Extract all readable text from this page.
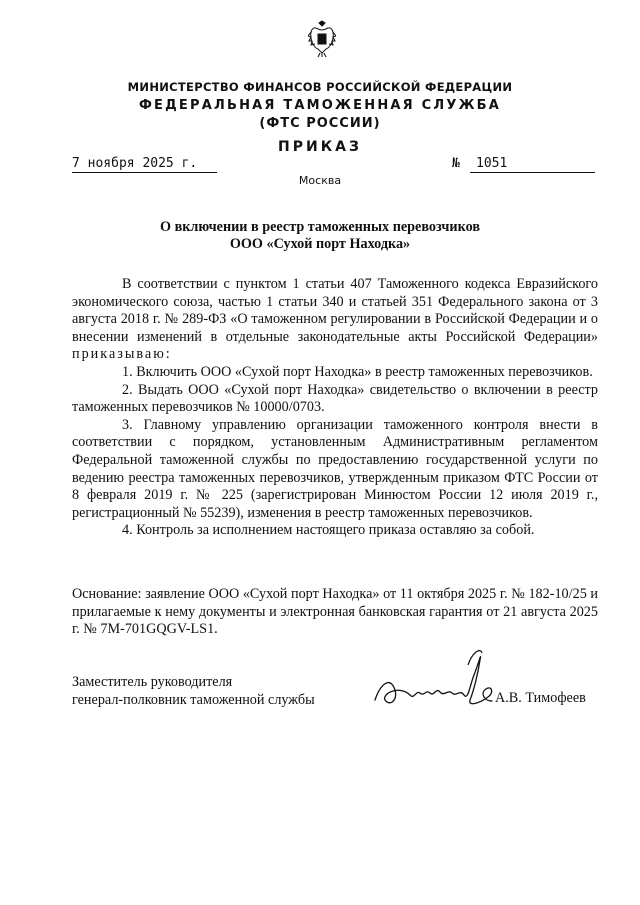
МИНИСТЕРСТВО ФИНАНСОВ РОССИЙСКОЙ ФЕДЕРАЦИИ
ФЕДЕРАЛЬНАЯ ТАМОЖЕННАЯ СЛУЖБА
(ФТС РОССИИ)
ПРИКАЗ
7 ноября 2025 г.	№	1051
Москва
О включении в реестр таможенных перевозчиков
ООО «Сухой порт Находка»

В соответствии с пунктом 1 статьи 407 Таможенного кодекса Евразийского экономического союза, частью 1 статьи 340 и статьей 351 Федерального закона от 3 августа 2018 г. № 289-ФЗ «О таможенном регулировании в Российской Федерации и о внесении изменений в отдельные законодательные акты Российской Федерации» приказываю:

1. Включить ООО «Сухой порт Находка» в реестр таможенных перевозчиков.

2. Выдать ООО «Сухой порт Находка» свидетельство о включении в реестр таможенных перевозчиков № 10000/0703.

3. Главному управлению организации таможенного контроля внести в соответствии с порядком, установленным Административным регламентом Федеральной таможенной службы по предоставлению государственной услуги по ведению реестра таможенных перевозчиков, утвержденным приказом ФТС России от 8 февраля 2019 г. № 225 (зарегистрирован Минюстом России 12 июля 2019 г., регистрационный № 55239), изменения в реестр таможенных перевозчиков.

4. Контроль за исполнением настоящего приказа оставляю за собой.

Основание: заявление ООО «Сухой порт Находка» от 11 октября 2025 г. № 182-10/25 и прилагаемые к нему документы и электронная банковская гарантия от 21 августа 2025 г. № 7М-701GQGV-LS1.

Заместитель руководителя
генерал-полковник таможенной службы	А.В. Тимофеев
